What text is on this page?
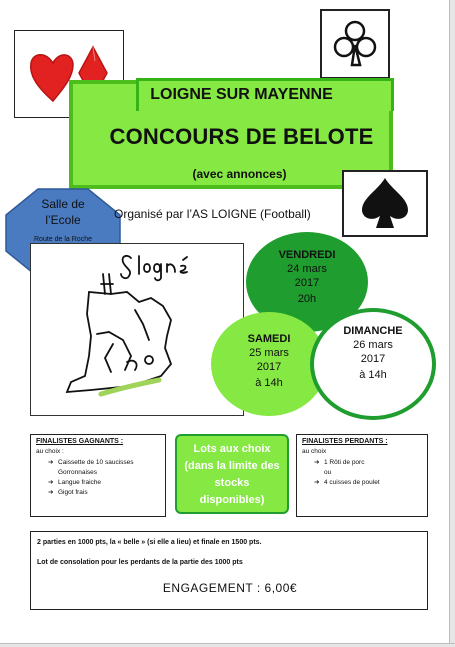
LOIGNE SUR MAYENNE
CONCOURS DE BELOTE
(avec annonces)
Salle de
l’Ecole
Route de la Roche
Organisé par l’AS LOIGNE (Football)
VENDREDI
24 mars
2017
20h
SAMEDI
25 mars
2017
à 14h
DIMANCHE
26 mars
2017
à 14h
FINALISTES GAGNANTS :
au choix :
➔ Caissette de 10 saucisses
Gorronnaises
➔ Langue fraiche
➔ Gigot frais
Lots aux choix
(dans la limite des
stocks
disponibles)
FINALISTES PERDANTS :
au choix
➔ 1 Rôti de porc
ou
➔ 4 cuisses de poulet
2 parties en 1000 pts, la « belle » (si elle a lieu) et finale en 1500 pts.
Lot de consolation pour les perdants de la partie des 1000 pts
ENGAGEMENT : 6,00€
